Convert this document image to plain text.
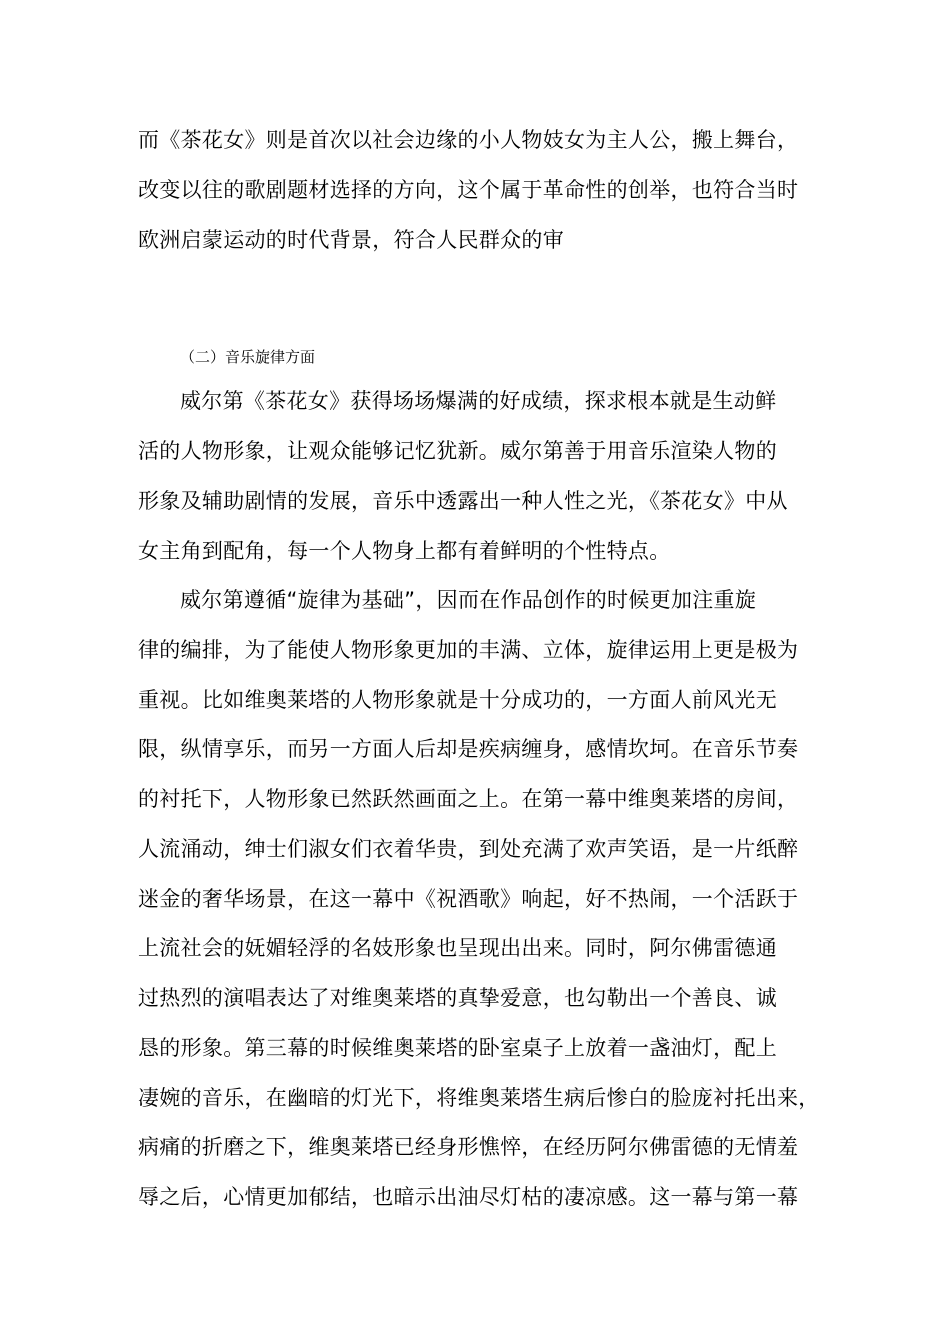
而《茶花女》则是首次以社会边缘的小人物妓女为主人公，搬上舞台，
改变以往的歌剧题材选择的方向，这个属于革命性的创举，也符合当时
欧洲启蒙运动的时代背景，符合人民群众的审
（二）音乐旋律方面
威尔第《茶花女》获得场场爆满的好成绩，探求根本就是生动鲜
活的人物形象，让观众能够记忆犹新。威尔第善于用音乐渲染人物的
形象及辅助剧情的发展，音乐中透露出一种人性之光，《茶花女》中从
女主角到配角，每一个人物身上都有着鲜明的个性特点。
威尔第遵循“旋律为基础”，因而在作品创作的时候更加注重旋
律的编排，为了能使人物形象更加的丰满、立体，旋律运用上更是极为
重视。比如维奥莱塔的人物形象就是十分成功的，一方面人前风光无
限，纵情享乐，而另一方面人后却是疾病缠身，感情坎坷。在音乐节奏
的衬托下，人物形象已然跃然画面之上。在第一幕中维奥莱塔的房间，
人流涌动，绅士们淑女们衣着华贵，到处充满了欢声笑语，是一片纸醉
迷金的奢华场景，在这一幕中《祝酒歌》响起，好不热闹，一个活跃于
上流社会的妩媚轻浮的名妓形象也呈现出出来。同时，阿尔佛雷德通
过热烈的演唱表达了对维奥莱塔的真挚爱意，也勾勒出一个善良、诚
恳的形象。第三幕的时候维奥莱塔的卧室桌子上放着一盏油灯，配上
凄婉的音乐，在幽暗的灯光下，将维奥莱塔生病后惨白的脸庞衬托出来，
病痛的折磨之下，维奥莱塔已经身形憔悴，在经历阿尔佛雷德的无情羞
辱之后，心情更加郁结，也暗示出油尽灯枯的凄凉感。这一幕与第一幕
